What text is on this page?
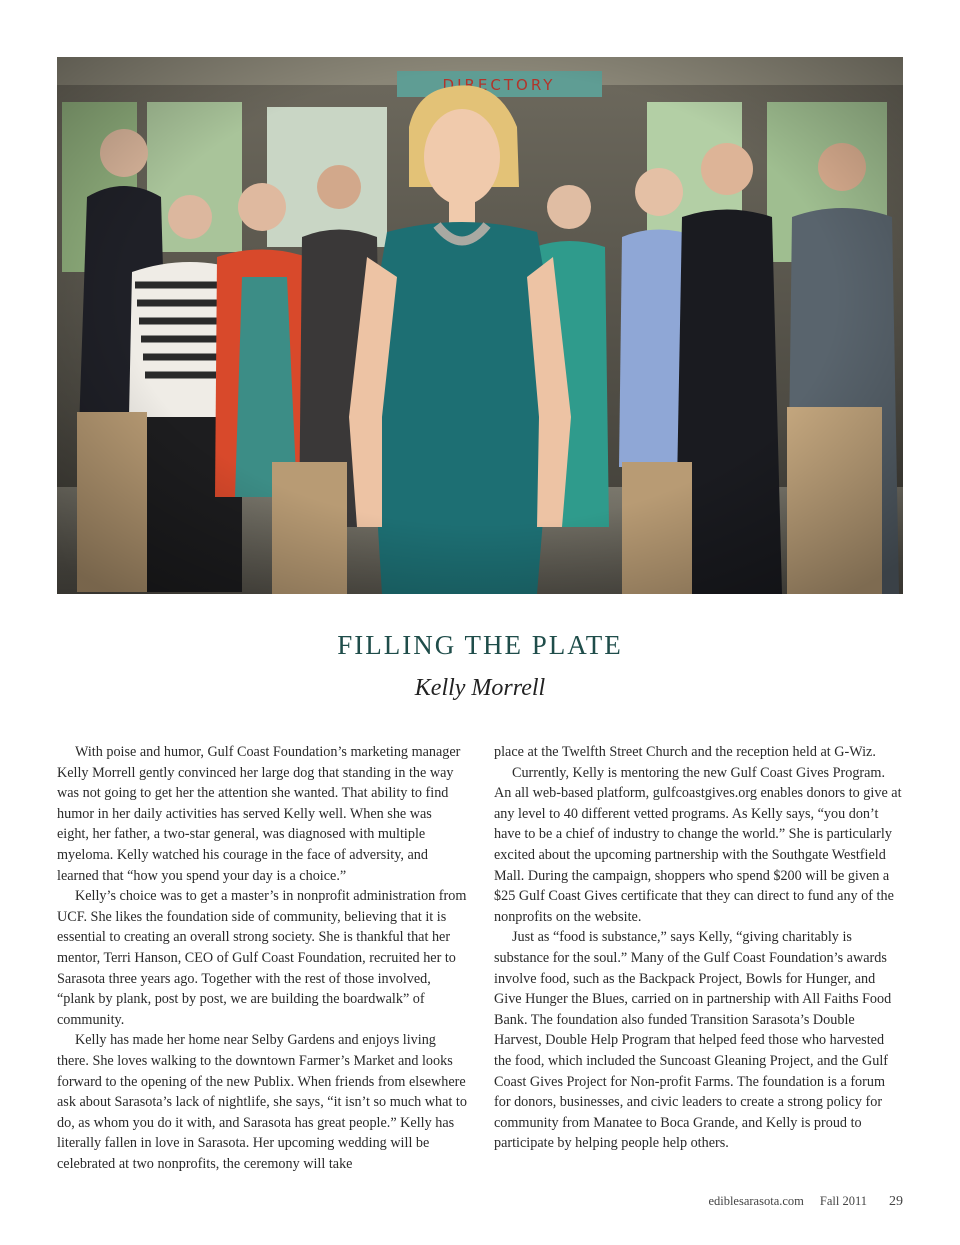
FILLING THE PLATE

Kelly Morrell

With poise and humor, Gulf Coast Foundation’s marketing manager Kelly Morrell gently convinced her large dog that standing in the way was not going to get her the attention she wanted. That ability to find humor in her daily activities has served Kelly well. When she was eight, her father, a two-star general, was diagnosed with multiple myeloma. Kelly watched his courage in the face of adversity, and learned that “how you spend your day is a choice.”

Kelly’s choice was to get a master’s in nonprofit administration from UCF. She likes the foundation side of community, believing that it is essential to creating an overall strong society. She is thankful that her mentor, Terri Hanson, CEO of Gulf Coast Foundation, recruited her to Sarasota three years ago. Together with the rest of those involved, “plank by plank, post by post, we are building the boardwalk” of community.

Kelly has made her home near Selby Gardens and enjoys living there. She loves walking to the downtown Farmer’s Market and looks forward to the opening of the new Publix. When friends from elsewhere ask about Sarasota’s lack of nightlife, she says, “it isn’t so much what to do, as whom you do it with, and Sarasota has great people.” Kelly has literally fallen in love in Sarasota. Her upcoming wedding will be celebrated at two nonprofits, the ceremony will take

place at the Twelfth Street Church and the reception held at G-Wiz.

Currently, Kelly is mentoring the new Gulf Coast Gives Program. An all web-based platform, gulfcoastgives.org enables donors to give at any level to 40 different vetted programs. As Kelly says, “you don’t have to be a chief of industry to change the world.” She is particularly excited about the upcoming partnership with the Southgate Westfield Mall. During the campaign, shoppers who spend $200 will be given a $25 Gulf Coast Gives certificate that they can direct to fund any of the nonprofits on the website.

Just as “food is substance,” says Kelly, “giving charitably is substance for the soul.” Many of the Gulf Coast Foundation’s awards involve food, such as the Backpack Project, Bowls for Hunger, and Give Hunger the Blues, carried on in partnership with All Faiths Food Bank. The foundation also funded Transition Sarasota’s Double Harvest, Double Help Program that helped feed those who harvested the food, which included the Suncoast Gleaning Project, and the Gulf Coast Gives Project for Non-profit Farms. The foundation is a forum for donors, businesses, and civic leaders to create a strong policy for community from Manatee to Boca Grande, and Kelly is proud to participate by helping people help others.

ediblesarasota.com Fall 2011 29
